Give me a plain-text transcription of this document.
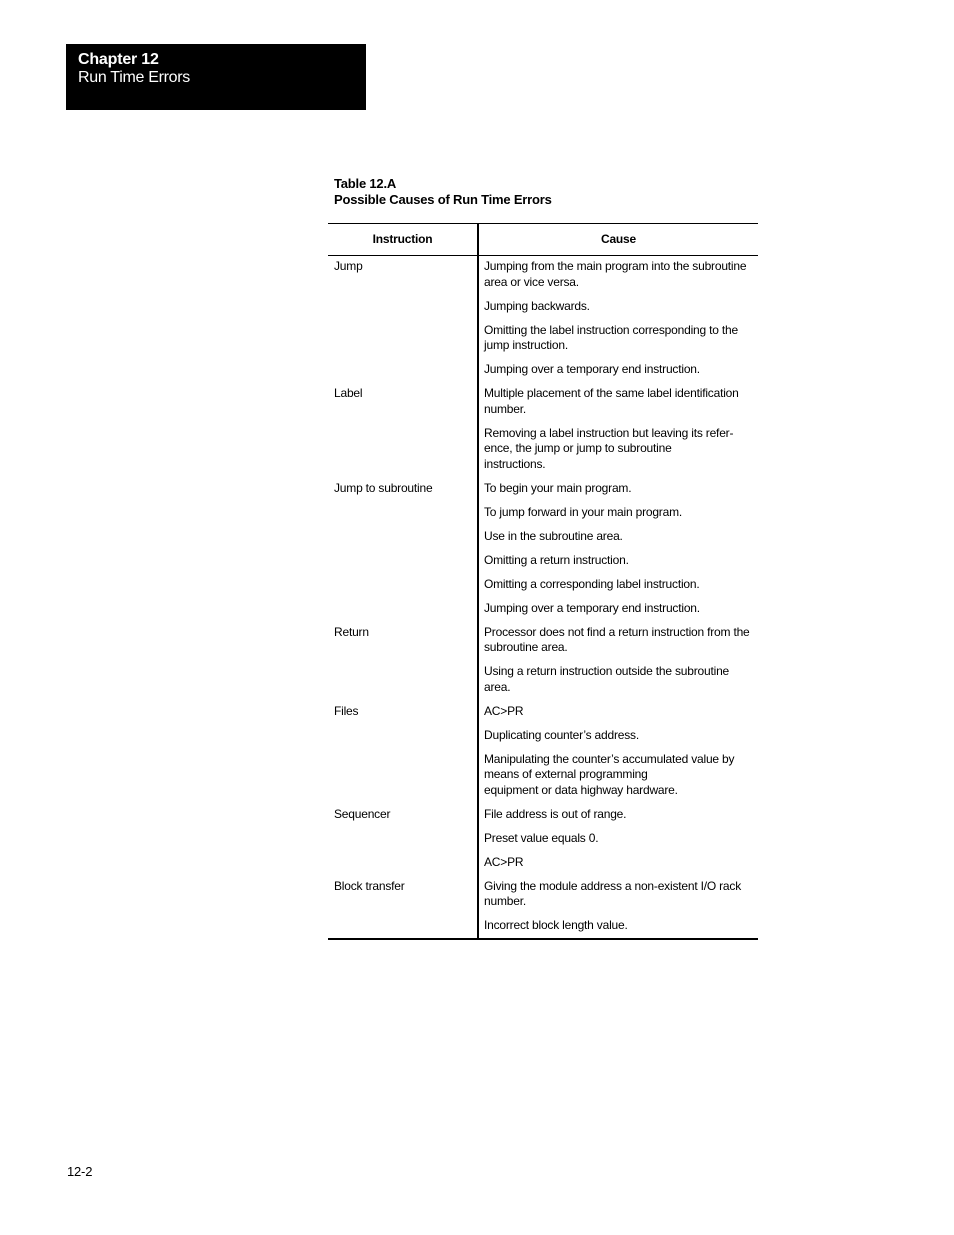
Chapter 12
Run Time Errors
Table 12.A
Possible Causes of Run Time Errors
Instruction	Cause

Jump	Jumping from the main program into the subroutine area or vice versa.

	Jumping backwards.

	Omitting the label instruction corresponding to the jump instruction.

	Jumping over a temporary end instruction.

Label	Multiple placement of the same label identification number.

	Removing a label instruction but leaving its refer-
ence, the jump or jump to subroutine
instructions.

Jump to subroutine	To begin your main program.

	To jump forward in your main program.

	Use in the subroutine area.

	Omitting a return instruction.

	Omitting a corresponding label instruction.

	Jumping over a temporary end instruction.

Return	Processor does not find a return instruction from the subroutine area.

	Using a return instruction outside the subroutine area.

Files	AC>PR

	Duplicating counter’s address.

	Manipulating the counter’s accumulated value by means of external programming
equipment or data highway hardware.

Sequencer	File address is out of range.

	Preset value equals 0.

	AC>PR

Block transfer	Giving the module address a non-existent I/O rack number.

	Incorrect block length value.
12-2
